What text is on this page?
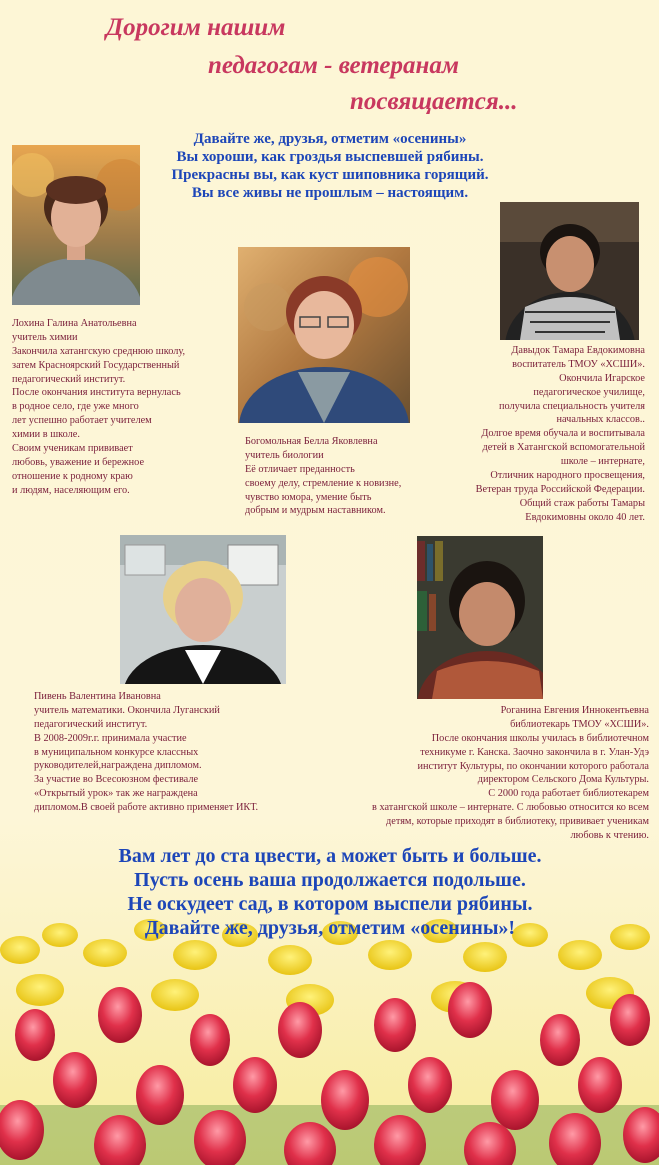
Дорогим нашим

педагогам - ветеранам

посвящается...

Давайте же, друзья, отметим «осенины»
Вы хороши, как гроздья выспевшей рябины.
Прекрасны вы, как куст шиповника горящий.
Вы все живы не прошлым – настоящим.
Лохина Галина Анатольевна
учитель химии
Закончила хатангскую среднюю школу,
затем Красноярский Государственный
педагогический институт.
После окончания института вернулась
в родное село, где уже много
лет успешно работает учителем
химии в школе.
Своим ученикам прививает
любовь, уважение и бережное
отношение к родному краю
и людям, населяющим его.
Богомольная Белла Яковлевна
учитель биологии
Её отличает преданность
своему делу, стремление к новизне,
чувство юмора, умение быть
добрым и мудрым наставником.
Давыдок Тамара Евдокимовна
воспитатель ТМОУ «ХСШИ».
Окончила Игарское
педагогическое училище,
получила специальность учителя
начальных классов..
Долгое время обучала и воспитывала
детей в Хатангской вспомогательной
школе – интернате,
Отличник народного просвещения,
Ветеран труда Российской Федерации.
Общий стаж работы Тамары
Евдокимовны около 40 лет.
Пивень Валентина Ивановна
учитель математики. Окончила Луганский
педагогический институт.
В 2008-2009г.г. принимала участие
в муниципальном конкурсе классных
руководителей,награждена дипломом.
За участие во Всесоюзном фестивале
«Открытый урок» так же награждена
дипломом.В своей работе активно применяет ИКТ.
Роганина Евгения Иннокентьевна
библиотекарь ТМОУ «ХСШИ».
После окончания школы училась в библиотечном
техникуме г. Канска. Заочно закончила в г. Улан-Удэ
институт Культуры, по окончании которого работала
директором Сельского Дома Культуры.
С 2000 года работает библиотекарем
в хатангской школе – интернате. С любовью относится ко всем
детям, которые приходят в библиотеку, прививает ученикам
любовь к чтению.
Вам лет до ста цвести, а может быть и больше.
Пусть осень ваша продолжается подольше.
Не оскудеет сад, в котором выспели рябины.
Давайте же, друзья, отметим «осенины»!
